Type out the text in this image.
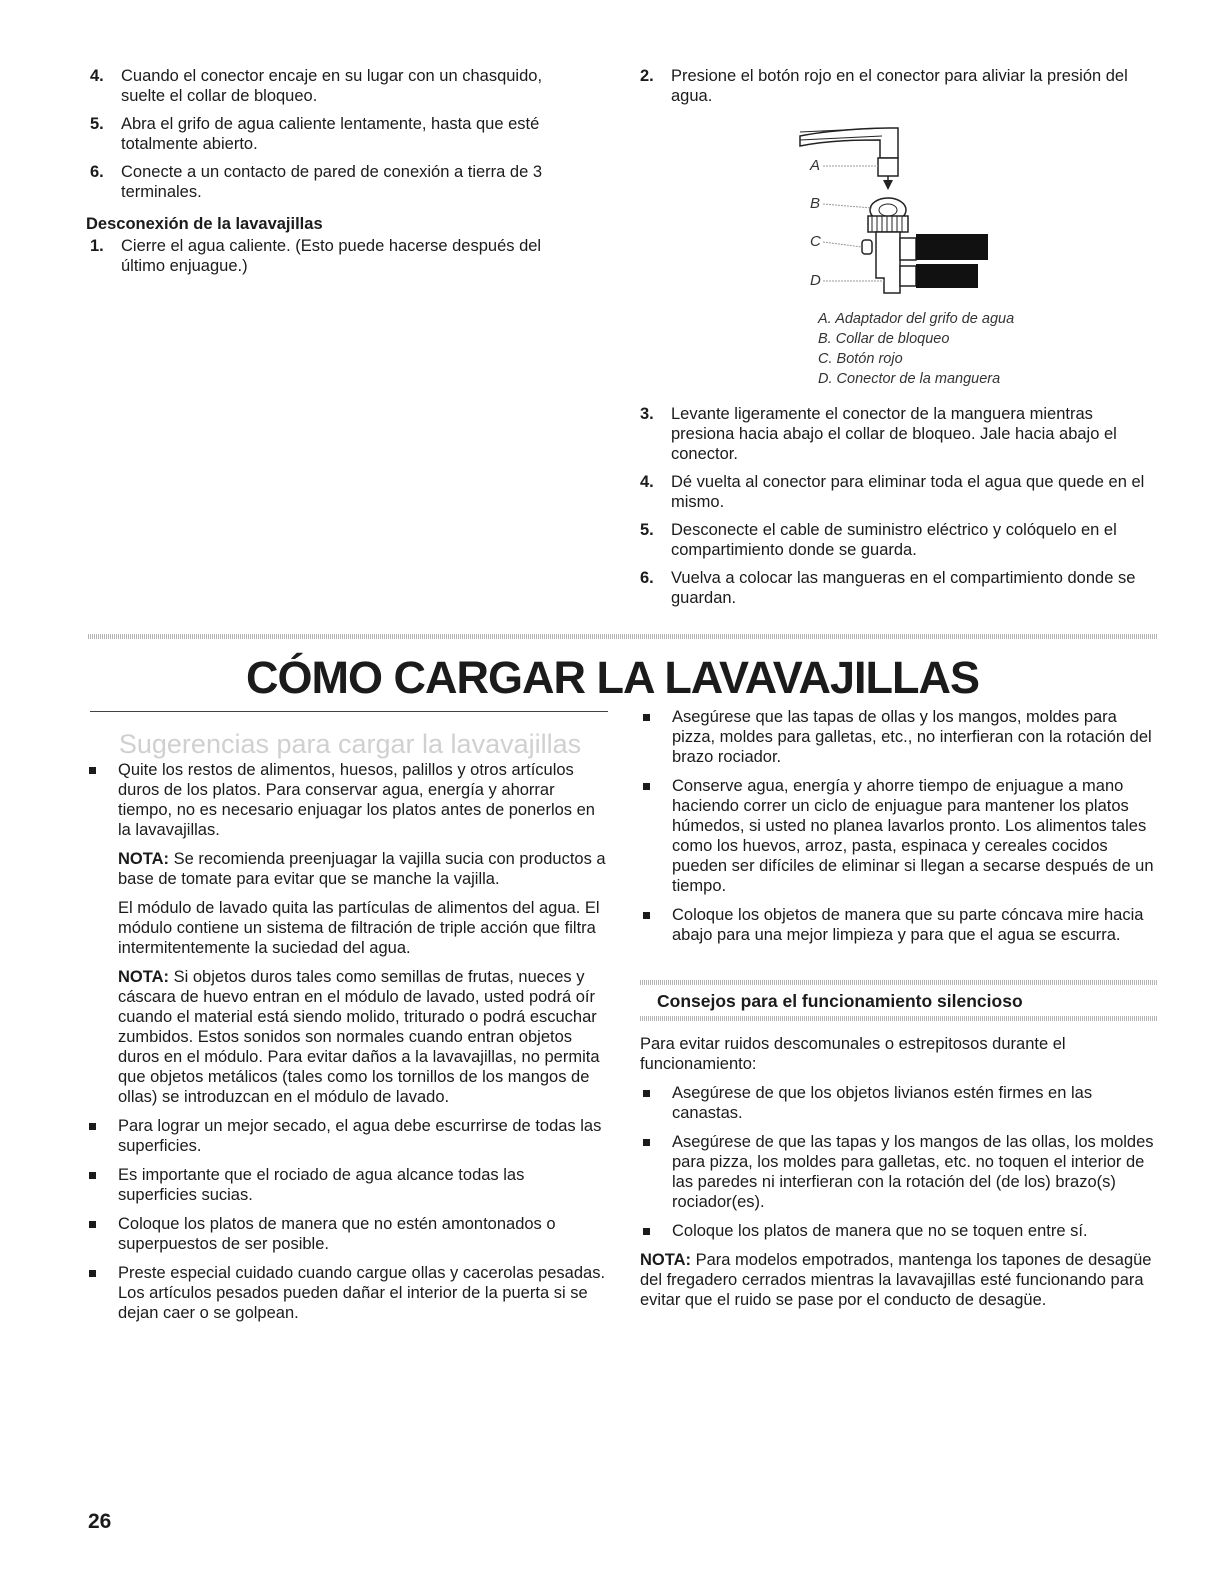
4. Cuando el conector encaje en su lugar con un chasquido, suelte el collar de bloqueo.
5. Abra el grifo de agua caliente lentamente, hasta que esté totalmente abierto.
6. Conecte a un contacto de pared de conexión a tierra de 3 terminales.
Desconexión de la lavavajillas
1. Cierre el agua caliente. (Esto puede hacerse después del último enjuague.)
2. Presione el botón rojo en el conector para aliviar la presión del agua.
A
B
C
D
A. Adaptador del grifo de agua
B. Collar de bloqueo
C. Botón rojo
D. Conector de la manguera
3. Levante ligeramente el conector de la manguera mientras presiona hacia abajo el collar de bloqueo. Jale hacia abajo el conector.
4. Dé vuelta al conector para eliminar toda el agua que quede en el mismo.
5. Desconecte el cable de suministro eléctrico y colóquelo en el compartimiento donde se guarda.
6. Vuelva a colocar las mangueras en el compartimiento donde se guardan.
CÓMO CARGAR LA LAVAVAJILLAS
Sugerencias para cargar la lavavajillas

Quite los restos de alimentos, huesos, palillos y otros artículos duros de los platos. Para conservar agua, energía y ahorrar tiempo, no es necesario enjuagar los platos antes de ponerlos en la lavavajillas.

NOTA: Se recomienda preenjuagar la vajilla sucia con productos a base de tomate para evitar que se manche la vajilla.

El módulo de lavado quita las partículas de alimentos del agua. El módulo contiene un sistema de filtración de triple acción que filtra intermitentemente la suciedad del agua.

NOTA: Si objetos duros tales como semillas de frutas, nueces y cáscara de huevo entran en el módulo de lavado, usted podrá oír cuando el material está siendo molido, triturado o podrá escuchar zumbidos. Estos sonidos son normales cuando entran objetos duros en el módulo. Para evitar daños a la lavavajillas, no permita que objetos metálicos (tales como los tornillos de los mangos de ollas) se introduzcan en el módulo de lavado.

Para lograr un mejor secado, el agua debe escurrirse de todas las superficies.
Es importante que el rociado de agua alcance todas las superficies sucias.
Coloque los platos de manera que no estén amontonados o superpuestos de ser posible.
Preste especial cuidado cuando cargue ollas y cacerolas pesadas. Los artículos pesados pueden dañar el interior de la puerta si se dejan caer o se golpean.
Asegúrese que las tapas de ollas y los mangos, moldes para pizza, moldes para galletas, etc., no interfieran con la rotación del brazo rociador.
Conserve agua, energía y ahorre tiempo de enjuague a mano haciendo correr un ciclo de enjuague para mantener los platos húmedos, si usted no planea lavarlos pronto. Los alimentos tales como los huevos, arroz, pasta, espinaca y cereales cocidos pueden ser difíciles de eliminar si llegan a secarse después de un tiempo.
Coloque los objetos de manera que su parte cóncava mire hacia abajo para una mejor limpieza y para que el agua se escurra.
Consejos para el funcionamiento silencioso

Para evitar ruidos descomunales o estrepitosos durante el funcionamiento:

Asegúrese de que los objetos livianos estén firmes en las canastas.
Asegúrese de que las tapas y los mangos de las ollas, los moldes para pizza, los moldes para galletas, etc. no toquen el interior de las paredes ni interfieran con la rotación del (de los) brazo(s) rociador(es).
Coloque los platos de manera que no se toquen entre sí.

NOTA: Para modelos empotrados, mantenga los tapones de desagüe del fregadero cerrados mientras la lavavajillas esté funcionando para evitar que el ruido se pase por el conducto de desagüe.

26
